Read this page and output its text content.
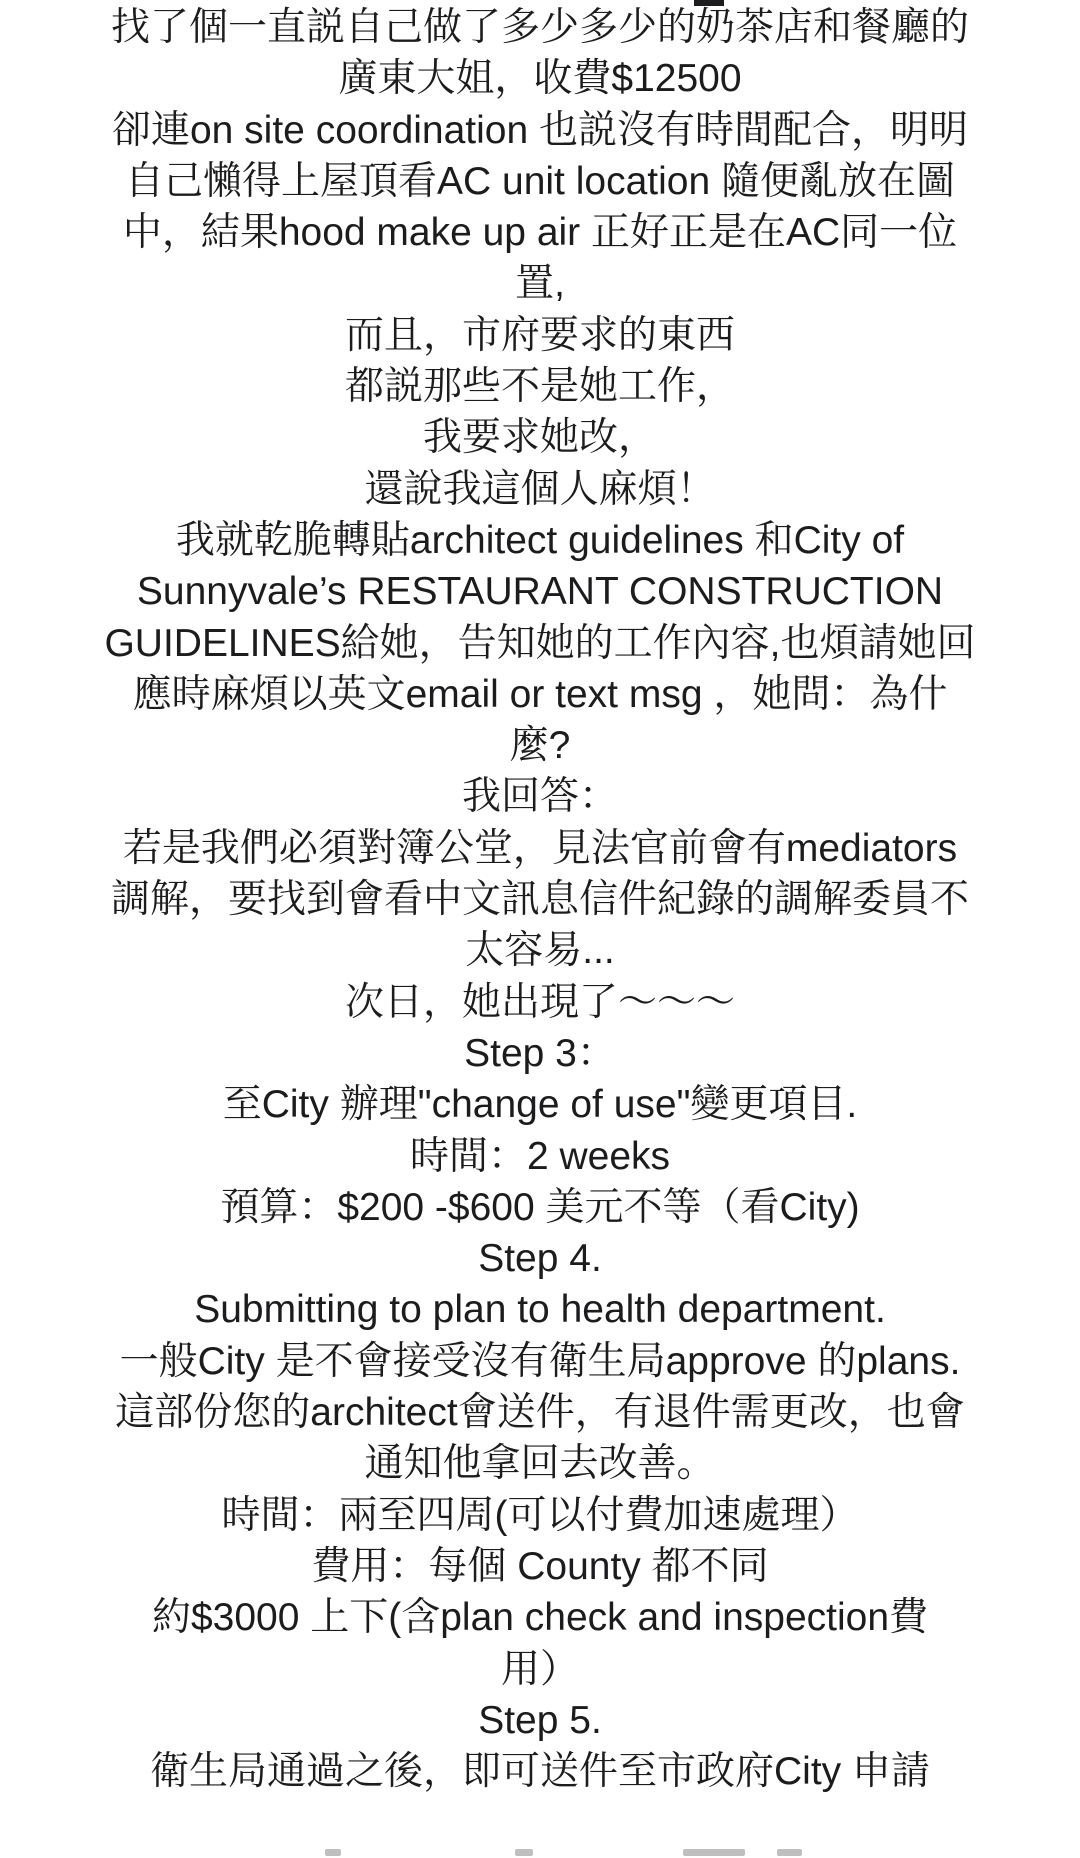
找了個一直説自己做了多少多少的奶茶店和餐廳的
廣東大姐，收費$12500
卻連on site coordination 也説沒有時間配合，明明
自己懶得上屋頂看AC unit location 隨便亂放在圖
中，結果hood make up air 正好正是在AC同一位
置,
而且，市府要求的東西
都説那些不是她工作，
我要求她改，
還說我這個人麻煩！
我就乾脆轉貼architect guidelines 和City of
Sunnyvale’s RESTAURANT CONSTRUCTION
GUIDELINES給她，告知她的工作內容,也煩請她回
應時麻煩以英文email or text msg ，她問：為什
麼?
我回答：
若是我們必須對簿公堂，見法官前會有mediators
調解，要找到會看中文訊息信件紀錄的調解委員不
太容易...
次日，她出現了～～～
Step 3：
至City 辦理"change of use"變更項目.
時間：2 weeks
預算：$200 -$600 美元不等（看City)
Step 4.
Submitting to plan to health department.
一般City 是不會接受沒有衛生局approve 的plans.
這部份您的architect會送件，有退件需更改，也會
通知他拿回去改善。
時間：兩至四周(可以付費加速處理）
費用：每個 County 都不同
約$3000 上下(含plan check and inspection費
用）
Step 5.
衛生局通過之後，即可送件至市政府City 申請
